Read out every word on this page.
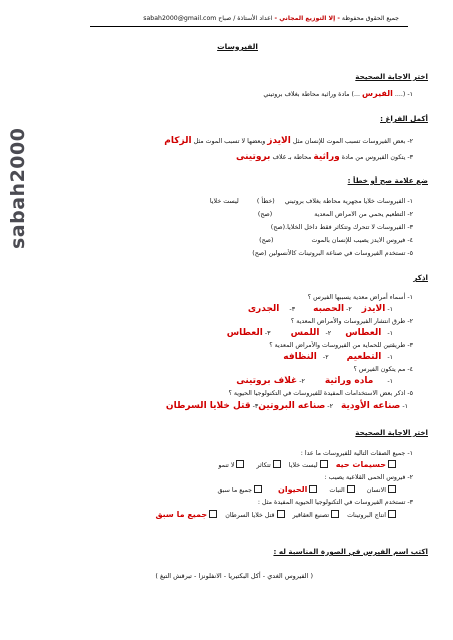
جميع الحقوق محفوظة - إلا التوزيع المجاني - اعداد الأستاذة / صباح sabah2000@gmail.com
sabah2000
الفيروسات
اختر الاجابة الصحيحة
١- (.... الفيرس ...) مادة وراثية محاطة بغلاف بروتيني
أكمل الفراغ :
٢- بعض الفيروسات تسبب الموت للإنسان مثل الايدز وبعضها لا تسبب الموت مثل الزكام
٣- يتكون الفيروس من مادة وراثية محاطة بـ غلاف بروتينى
ضع علامة صح أو خطأ :
١- الفيروسات خلايا مجهرية محاطة بغلاف بروتيني     (خطأ )         ليست خلايا
٢- التطعيم يحمي من الامراض المعدية                     (صح)
٣- الفيروسات لا تتحرك وتتكاثر فقط داخل الخلايا.(صح)
٤- فيروس الايدز يصيب للإنسان بالموت                   (صح)
٥- تستخدم الفيروسات في صناعة البروتينات كالأنسولين (صح)
اذكر
١- أسماء أمراض معدية يسببها الفيرس ؟
١- الايدز     ٢- الحصبه         ٣-     الجدرى
٢- طرق انتشار الفيروسات والأمراض المعدية ؟
١-   العطاس       ٢-   اللمس          ٣- العطاس
٣- طريقتين للحماية من الفيروسات والأمراض المعدية ؟
١-   التطعيم         ٢-   النظافه
٤- مم يتكون الفيرس ؟
١-       ماده وراثية          ٢- غلاف بروتينى
٥- اذكر بعض الاستخدامات المفيدة للفيروسات في التكنولوجيا الحيوية ؟
١- صناعه الأودية    ٢- صناعه البروتين٣- قتل خلايا السرطان
اختر الاجابة الصحيحة
١- جميع الصفات التالية للفيروسات ما عدا :
حسيمات حيه   ليست خلايا   تتكاثر     لا تنمو
٢- فيروس الحمى القلاعية يصيب :
الانسان     النبات     الحيوان       جميع ما سبق
٣- تستخدم الفيروسات في التكنولوجيا الحيوية المفيدة مثل :
انتاج البروتينات   تصنيع العقاقير   قتل خلايا السرطان   جميع ما سبق
اكتب اسم الفيرس في الصورة المناسبة له :
( الفيروس الغدي - أكل البكتيريا - الانفلونزا - تبرقش التبغ )
